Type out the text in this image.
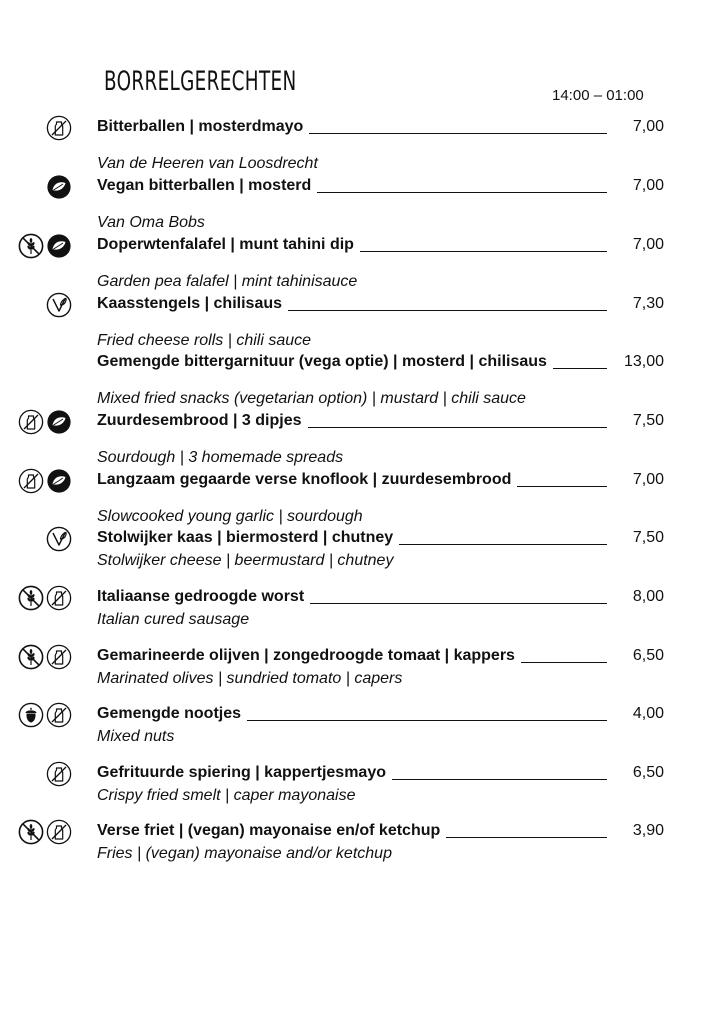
BORRELGERECHTEN	14:00 – 01:00
Bitterballen | mosterdmayo	7,00
Van de Heeren van Loosdrecht
Vegan bitterballen | mosterd	7,00
Van Oma Bobs
Doperwtenfalafel | munt tahini dip	7,00
Garden pea falafel | mint tahinisauce
Kaasstengels | chilisaus	7,30
Fried cheese rolls | chili sauce
Gemengde bittergarnituur (vega optie) | mosterd | chilisaus	13,00
Mixed fried snacks (vegetarian option) | mustard | chili sauce
Zuurdesembrood | 3 dipjes	7,50
Sourdough | 3 homemade spreads
Langzaam gegaarde verse knoflook | zuurdesembrood	7,00
Slowcooked young garlic | sourdough
Stolwijker kaas | biermosterd | chutney	7,50
Stolwijker cheese | beermustard | chutney
Italiaanse gedroogde worst	8,00
Italian cured sausage
Gemarineerde olijven | zongedroogde tomaat | kappers	6,50
Marinated olives | sundried tomato | capers
Gemengde nootjes	4,00
Mixed nuts
Gefrituurde spiering | kappertjesmayo	6,50
Crispy fried smelt | caper mayonaise
Verse friet | (vegan) mayonaise en/of ketchup	3,90
Fries | (vegan) mayonaise and/or ketchup
